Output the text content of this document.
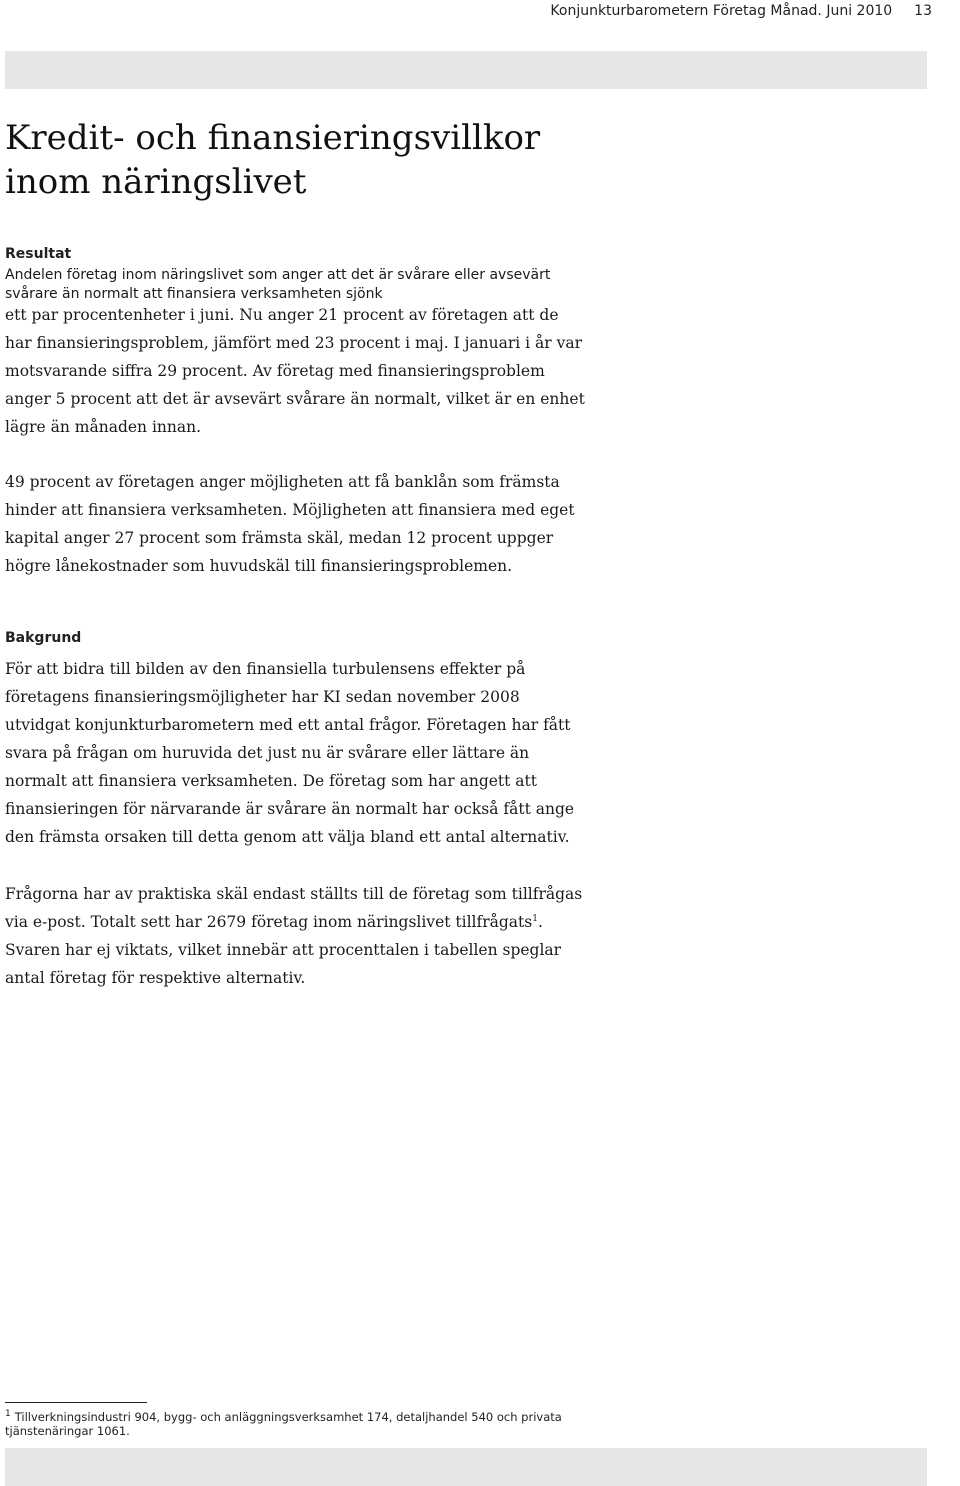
Konjunkturbarometern Företag Månad. Juni 2010 13
Kredit- och finansieringsvillkor
inom näringslivet
Resultat

Andelen företag inom näringslivet som anger att det är svårare eller avsevärt svårare än normalt att finansiera verksamheten sjönk

ett par procentenheter i juni. Nu anger 21 procent av företagen att de har finansieringsproblem, jämfört med 23 procent i maj. I januari i år var motsvarande siffra 29 procent. Av företag med finansieringsproblem anger 5 procent att det är avsevärt svårare än normalt, vilket är en enhet lägre än månaden innan.

49 procent av företagen anger möjligheten att få banklån som främsta hinder att finansiera verksamheten. Möjligheten att finansiera med eget kapital anger 27 procent som främsta skäl, medan 12 procent uppger högre lånekostnader som huvudskäl till finansieringsproblemen.

Bakgrund

För att bidra till bilden av den finansiella turbulensens effekter på företagens finansieringsmöjligheter har KI sedan november 2008 utvidgat konjunkturbarometern med ett antal frågor. Företagen har fått svara på frågan om huruvida det just nu är svårare eller lättare än normalt att finansiera verksamheten. De företag som har angett att finansieringen för närvarande är svårare än normalt har också fått ange den främsta orsaken till detta genom att välja bland ett antal alternativ.

Frågorna har av praktiska skäl endast ställts till de företag som tillfrågas via e-post. Totalt sett har 2679 företag inom näringslivet tillfrågats$^1$. Svaren har ej viktats, vilket innebär att procenttalen i tabellen speglar antal företag för respektive alternativ.

$^1$ Tillverkningsindustri 904, bygg- och anläggningsverksamhet 174, detaljhandel 540 och privata tjänstenäringar 1061.
